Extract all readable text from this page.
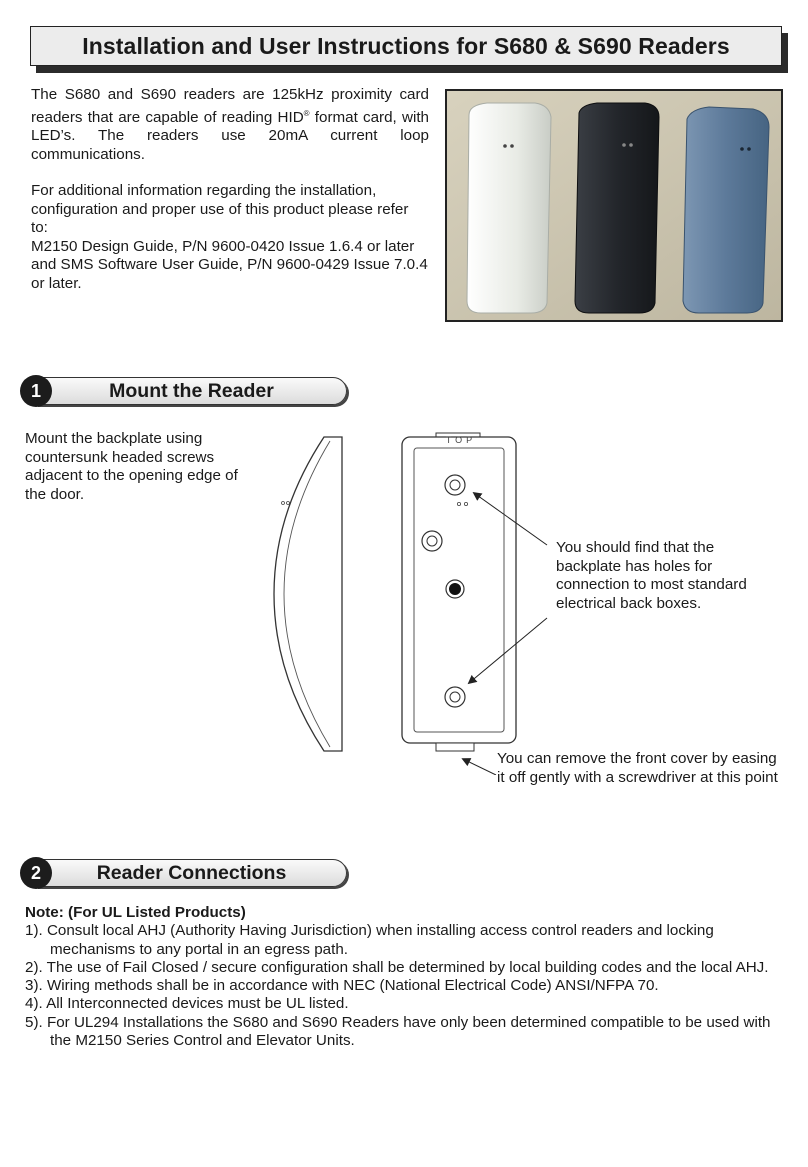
Installation and User Instructions for S680 & S690 Readers

The S680 and S690 readers are 125kHz proximity card readers that are capable of reading HID® format card, with LED’s. The readers use 20mA current loop communications.

For additional information regarding the installation, configuration and proper use of this product please refer to:

M2150 Design Guide, P/N 9600-0420 Issue 1.6.4 or later and SMS Software User Guide, P/N 9600-0429 Issue 7.0.4 or later.

Mount the Reader
1
Mount the backplate using countersunk headed screws adjacent to the opening edge of the door.
TOP
You should find that the backplate has holes for connection to most standard electrical back boxes.
You can remove the front cover by easing it off gently with a screwdriver at this point
Reader Connections
2
Note: (For UL Listed Products)
1). Consult local AHJ (Authority Having Jurisdiction) when installing access control readers and locking mechanisms to any portal in an egress path.
2). The use of Fail Closed / secure configuration shall be determined by local building codes and the local AHJ.
3). Wiring methods shall be in accordance with NEC (National Electrical Code) ANSI/NFPA 70.
4). All Interconnected devices must be UL listed.
5). For UL294 Installations the S680 and S690 Readers have only been determined compatible to be used with the M2150 Series Control and Elevator Units.
